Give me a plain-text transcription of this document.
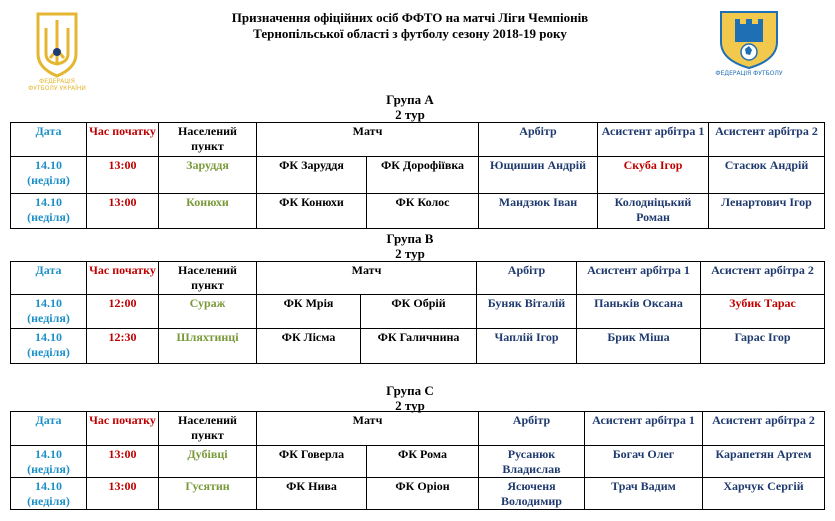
ФЕДЕРАЦІЯ ФУТБОЛУ УКРАЇНИ
ФЕДЕРАЦІЯ ФУТБОЛУ
Призначення офіційних осіб ФФТО на матчі Ліги Чемпіонів
Тернопільської області з футболу сезону 2018-19 року
Група А
2 тур
Дата	Час початку	Населений пункт	Матч		Арбітр	Асистент арбітра 1	Асистент арбітра 2
14.10 (неділя)	13:00	Заруддя	ФК Заруддя	ФК Дорофіївка	Ющишин Андрій	Скуба Ігор	Стасюк Андрій
14.10 (неділя)	13:00	Конюхи	ФК Конюхи	ФК Колос	Мандзюк Іван	Колодніцький Роман	Ленартович Ігор
Група В
2 тур
Дата	Час початку	Населений пункт	Матч		Арбітр	Асистент арбітра 1	Асистент арбітра 2
14.10 (неділя)	12:00	Сураж	ФК Мрія	ФК Обрій	Буняк Віталій	Паньків Оксана	Зубик Тарас
14.10 (неділя)	12:30	Шляхтинці	ФК Лісма	ФК Галичнина	Чаплій Ігор	Брик Міша	Гарас Ігор
Група С
2 тур
Дата	Час початку	Населений пункт	Матч		Арбітр	Асистент арбітра 1	Асистент арбітра 2
14.10 (неділя)	13:00	Дубівці	ФК Говерла	ФК Рома	Русанюк Владислав	Богач Олег	Карапетян Артем
14.10 (неділя)	13:00	Гусятин	ФК Нива	ФК Оріон	Ясюченя Володимир	Трач Вадим	Харчук Сергій
